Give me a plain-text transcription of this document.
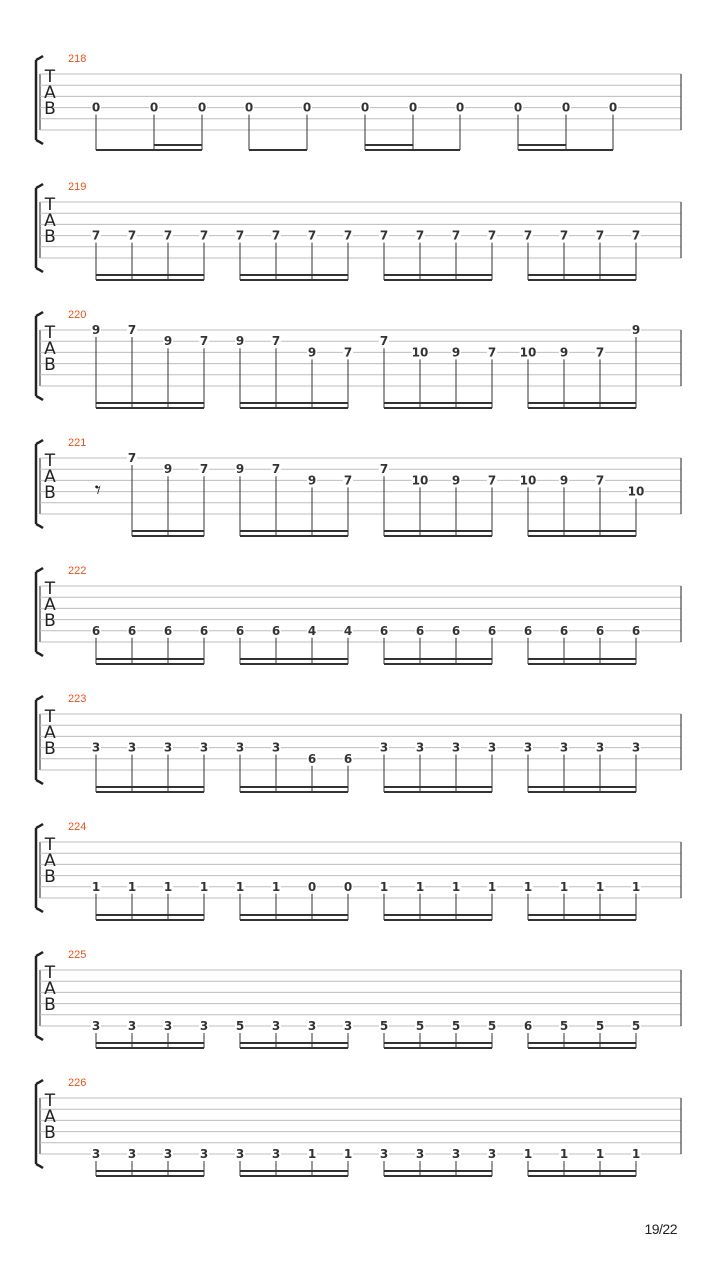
218
T
A
B	0	0	0	0	0	0	0	0	0	0	0
219
T
A
B	7 7 7 7 7 7 7 7 7 7 7 7 7 7 7 7
220
T
A
B
9 7
9 7 9 7
9 7
7
10 9 7 10 9 7
9
221
T
A
B 𝄾
7
9 7 9 7
9 7
7
10 9 7 10 9 7
10
222
T
A
B	6 6 6 6 6 6 4 4 6 6 6 6 6 6 6 6
223
T
A
B	3 3 3 3 3 3
6 6
3 3 3 3 3 3 3 3
224
T
A
B	1 1 1 1 1 1 0 0 1 1 1 1 1 1 1 1
225
T
A
B
3 3 3 3 5 3 3 3 5 5 5 5 6 5 5 5
226
T
A
B
3 3 3 3 3 3 1 1 3 3 3 3 1 1 1 1
19/22
